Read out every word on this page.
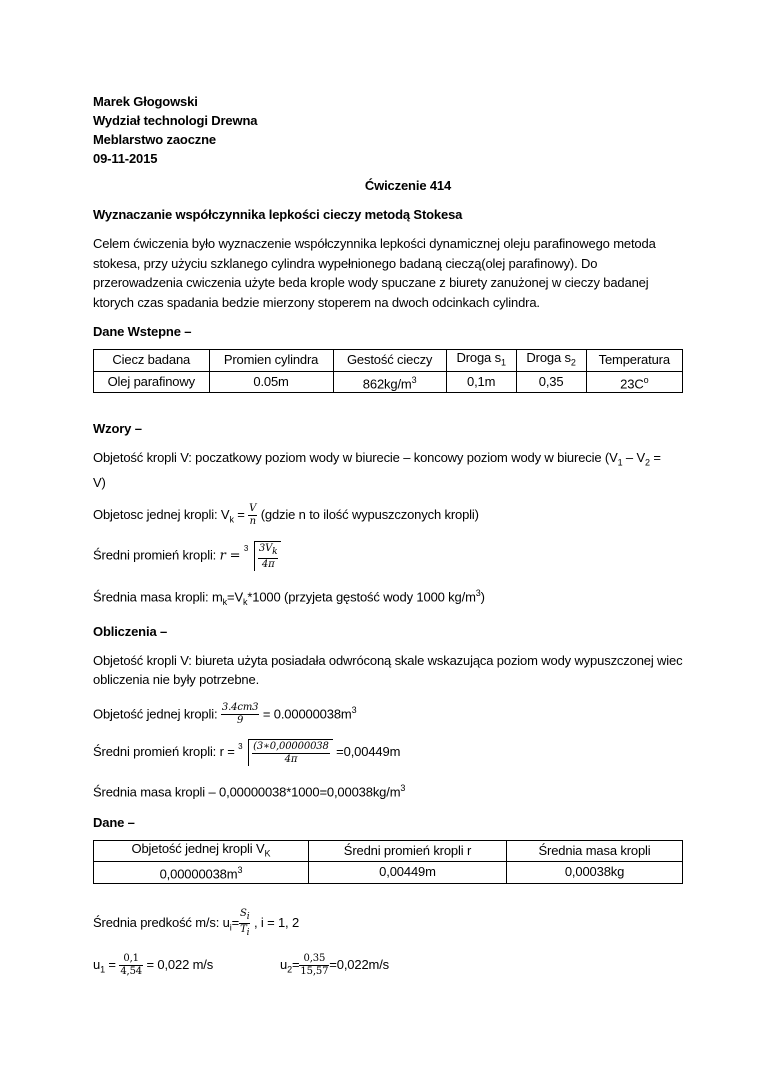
Marek Głogowski
Wydział technologi Drewna
Meblarstwo zaoczne
09-11-2015
Ćwiczenie 414
Wyznaczanie współczynnika lepkości cieczy metodą Stokesa

Celem ćwiczenia było wyznaczenie współczynnika lepkości dynamicznej oleju parafinowego metoda stokesa, przy użyciu szklanego cylindra wypełnionego badaną cieczą(olej parafinowy). Do przerowadzenia cwiczenia użyte beda krople wody spuczane z biurety zanużonej w cieczy badanej ktorych czas spadania bedzie mierzony stoperem na dwoch odcinkach cylindra.

Dane Wstepne –
Ciecz badana	Promien cylindra	Gestość cieczy	Droga $s_1$	Droga $s_2$	Temperatura
Olej parafinowy	0.05m	$862kg/m^3$	0,1m	0,35	$23C^o$
Wzory –

Objetość kropli V: poczatkowy poziom wody w biurecie – koncowy poziom wody w biurecie ($V_1 - V_2$ =
V)

Objetosc jednej kropli: $V_k = \frac{V}{n}$ (gdzie n to ilość wypuszczonych kropli)

Średni promień kropli: $r = 3 \frac{3V_k}{4\pi}$

Średnia masa kropli: $m_k=V_k*1000$ (przyjeta gęstość wody 1000 $kg/m^3$)

Obliczenia –

Objetość kropli V: biureta użyta posiadała odwróconą skale wskazująca poziom wody wypuszczonej wiec obliczenia nie były potrzebne.

Objetość jednej kropli: $\frac{3.4cm3}{9} = 0.00000038m^3$

Średni promień kropli: $r = 3 \frac{(3∗0,00000038}{4\pi} =0,00449m$

Średnia masa kropli – $0,00000038*1000=0,00038kg/m^3$

Dane –
Objetość jednej kropli $V_K$	Średni promień kropli r	Średnia masa kropli
$0,00000038m^3$	0,00449m	0,00038kg

Średnia predkość m/s: $u_i= \frac{S_i}{T_i}$ , i = 1, 2

$u_1 = \frac{0,1}{4,54} = 0,022$ m/s	$u_2= \frac{0,35}{15,57} =0,022m/s$
